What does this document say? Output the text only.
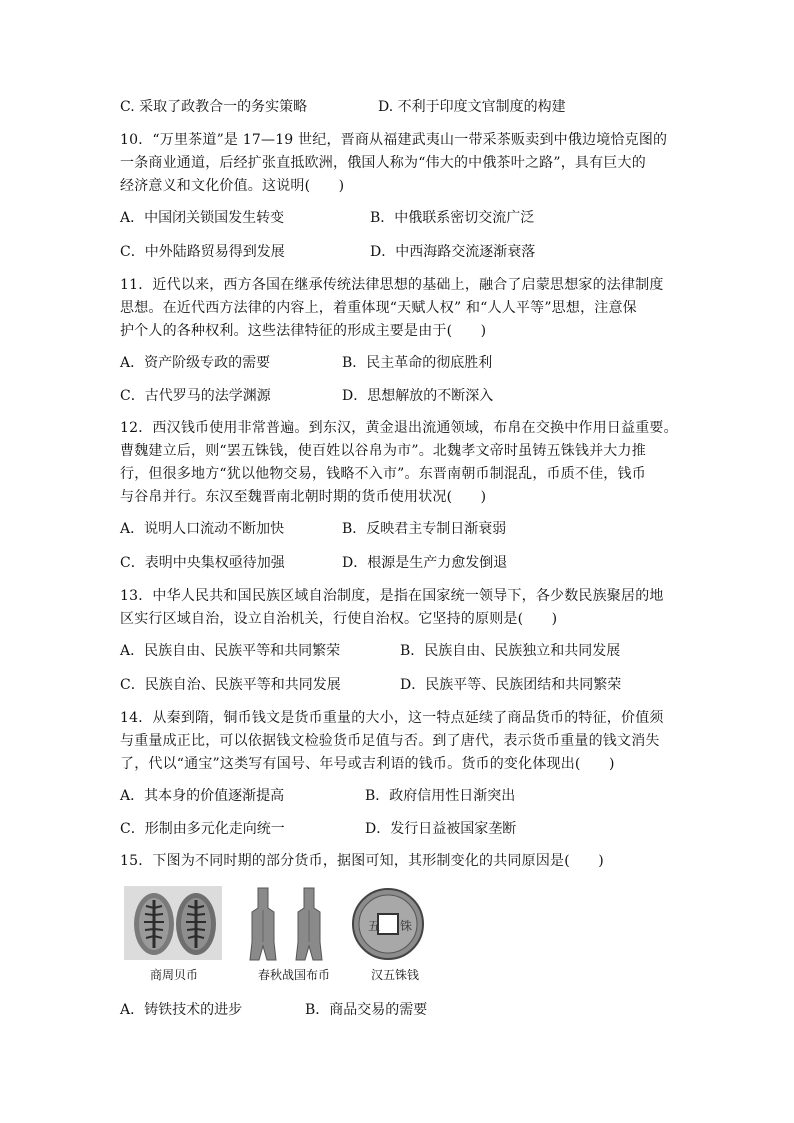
C. 采取了政教合一的务实策略	D. 不利于印度文官制度的构建
10．“万里茶道”是 17—19 世纪，晋商从福建武夷山一带采茶贩卖到中俄边境恰克图的
一条商业通道，后经扩张直抵欧洲，俄国人称为“伟大的中俄茶叶之路”，具有巨大的
经济意义和文化价值。这说明(　　)
A．中国闭关锁国发生转变	B．中俄联系密切交流广泛
C．中外陆路贸易得到发展	D．中西海路交流逐渐衰落
11．近代以来，西方各国在继承传统法律思想的基础上，融合了启蒙思想家的法律制度
思想。在近代西方法律的内容上，着重体现“天赋人权” 和“人人平等”思想，注意保
护个人的各种权利。这些法律特征的形成主要是由于(　　)
A．资产阶级专政的需要	B．民主革命的彻底胜利
C．古代罗马的法学渊源	D．思想解放的不断深入
12．西汉钱币使用非常普遍。到东汉，黄金退出流通领域，布帛在交换中作用日益重要。
曹魏建立后，则“罢五铢钱，使百姓以谷帛为市”。北魏孝文帝时虽铸五铢钱并大力推
行，但很多地方“犹以他物交易，钱略不入市”。东晋南朝币制混乱，币质不佳，钱币
与谷帛并行。东汉至魏晋南北朝时期的货币使用状况(　　)
A．说明人口流动不断加快	B．反映君主专制日渐衰弱
C．表明中央集权亟待加强	D．根源是生产力愈发倒退
13．中华人民共和国民族区域自治制度，是指在国家统一领导下，各少数民族聚居的地
区实行区域自治，设立自治机关，行使自治权。它坚持的原则是(　　)
A．民族自由、民族平等和共同繁荣	B．民族自由、民族独立和共同发展
C．民族自治、民族平等和共同发展	D．民族平等、民族团结和共同繁荣
14．从秦到隋，铜币钱文是货币重量的大小，这一特点延续了商品货币的特征，价值须
与重量成正比，可以依据钱文检验货币足值与否。到了唐代，表示货币重量的钱文消失
了，代以“通宝”这类写有国号、年号或吉利语的钱币。货币的变化体现出(　　)
A．其本身的价值逐渐提高	B．政府信用性日渐突出
C．形制由多元化走向统一	D．发行日益被国家垄断
15．下图为不同时期的部分货币，据图可知，其形制变化的共同原因是(　　)
五 铢
商周贝币	春秋战国布币	汉五铢钱
A．铸铁技术的进步	B．商品交易的需要
